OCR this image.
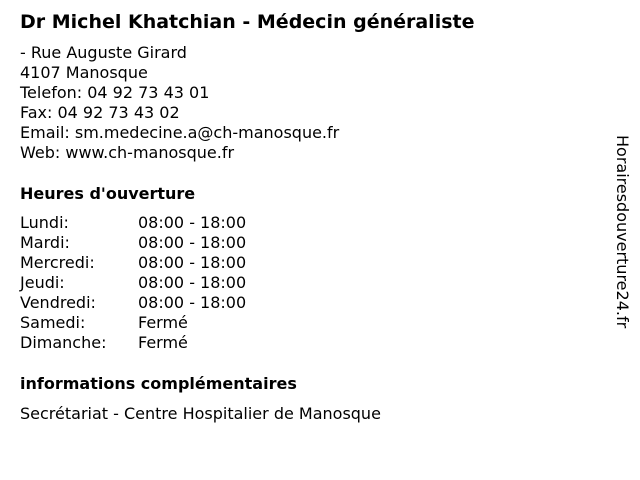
Dr Michel Khatchian - Médecin généraliste
- Rue Auguste Girard
4107 Manosque
Telefon: 04 92 73 43 01
Fax: 04 92 73 43 02
Email: sm.medecine.a@ch-manosque.fr
Web: www.ch-manosque.fr
Heures d'ouverture
Lundi:	08:00 - 18:00
Mardi:	08:00 - 18:00
Mercredi:	08:00 - 18:00
Jeudi:	08:00 - 18:00
Vendredi:	08:00 - 18:00
Samedi:	Fermé
Dimanche:	Fermé
informations complémentaires
Secrétariat - Centre Hospitalier de Manosque
Horairesdouverture24.fr
